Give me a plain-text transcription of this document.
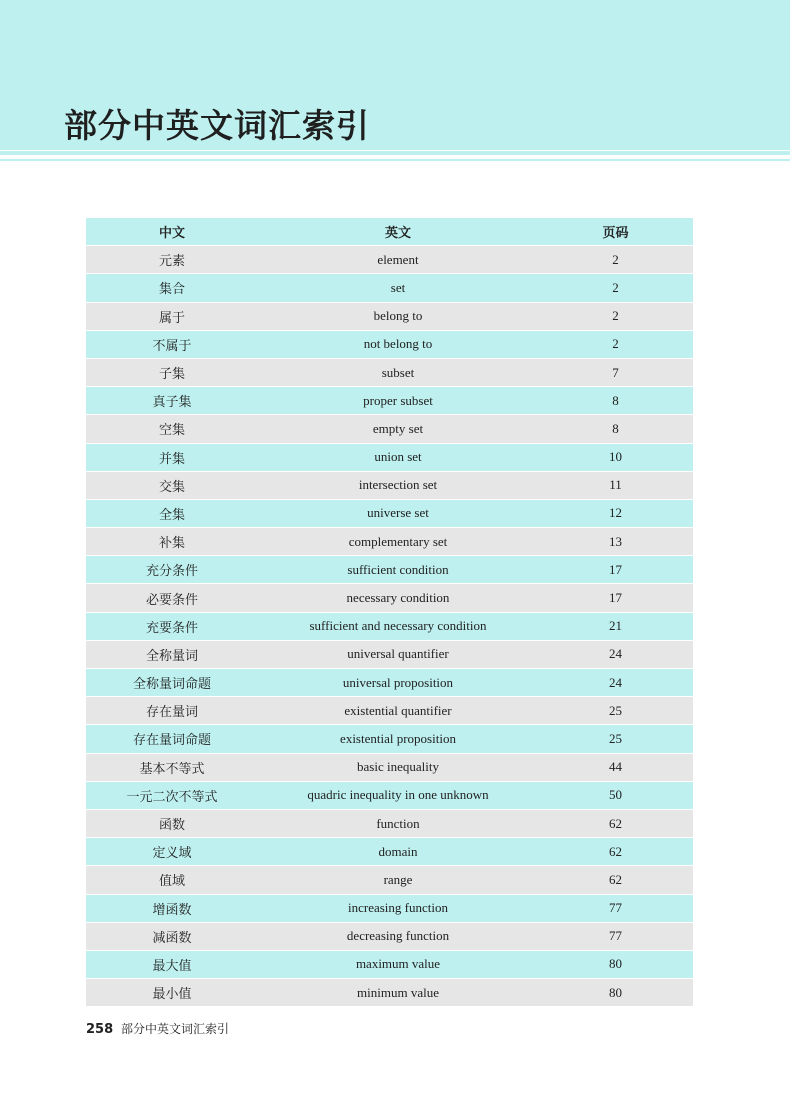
部分中英文词汇索引
中文	英文	页码
元素	element	2
集合	set	2
属于	belong to	2
不属于	not belong to	2
子集	subset	7
真子集	proper subset	8
空集	empty set	8
并集	union set	10
交集	intersection set	11
全集	universe set	12
补集	complementary set	13
充分条件	sufficient condition	17
必要条件	necessary condition	17
充要条件	sufficient and necessary condition	21
全称量词	universal quantifier	24
全称量词命题	universal proposition	24
存在量词	existential quantifier	25
存在量词命题	existential proposition	25
基本不等式	basic inequality	44
一元二次不等式	quadric inequality in one unknown	50
函数	function	62
定义域	domain	62
值域	range	62
增函数	increasing function	77
减函数	decreasing function	77
最大值	maximum value	80
最小值	minimum value	80
258 部分中英文词汇索引
